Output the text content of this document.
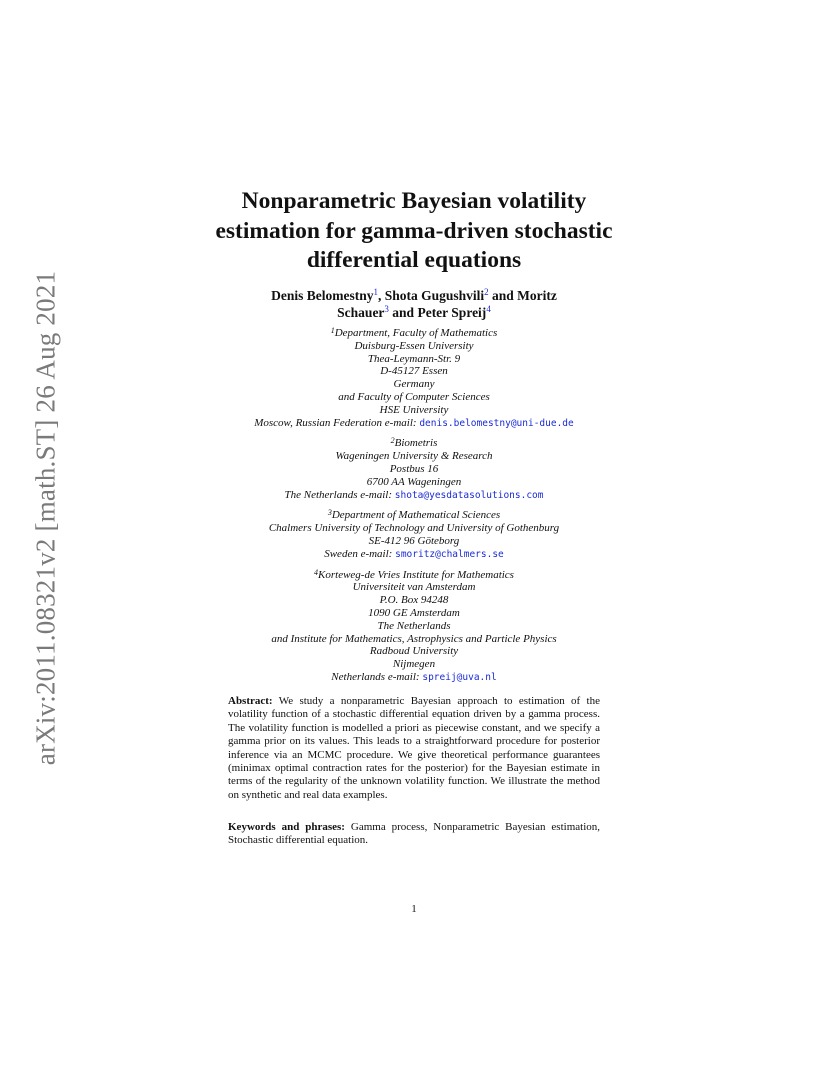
arXiv:2011.08321v2 [math.ST] 26 Aug 2021
Nonparametric Bayesian volatility
estimation for gamma-driven stochastic
differential equations
Denis Belomestny$^1$, Shota Gugushvili$^2$ and Moritz
Schauer$^3$ and Peter Spreij$^4$
$^1$Department, Faculty of Mathematics
Duisburg-Essen University
Thea-Leymann-Str. 9
D-45127 Essen
Germany
and Faculty of Computer Sciences
HSE University
Moscow, Russian Federation e-mail: denis.belomestny@uni-due.de
$^2$Biometris
Wageningen University & Research
Postbus 16
6700 AA Wageningen
The Netherlands e-mail: shota@yesdatasolutions.com
$^3$Department of Mathematical Sciences
Chalmers University of Technology and University of Gothenburg
SE-412 96 Göteborg
Sweden e-mail: smoritz@chalmers.se
$^4$Korteweg-de Vries Institute for Mathematics
Universiteit van Amsterdam
P.O. Box 94248
1090 GE Amsterdam
The Netherlands
and Institute for Mathematics, Astrophysics and Particle Physics
Radboud University
Nijmegen
Netherlands e-mail: spreij@uva.nl
Abstract: We study a nonparametric Bayesian approach to estimation of the volatility function of a stochastic differential equation driven by a gamma process. The volatility function is modelled a priori as piecewise constant, and we specify a gamma prior on its values. This leads to a straightforward procedure for posterior inference via an MCMC procedure. We give theoretical performance guarantees (minimax optimal contraction rates for the posterior) for the Bayesian estimate in terms of the regularity of the unknown volatility function. We illustrate the method on synthetic and real data examples.
Keywords and phrases: Gamma process, Nonparametric Bayesian estimation, Stochastic differential equation.
1
